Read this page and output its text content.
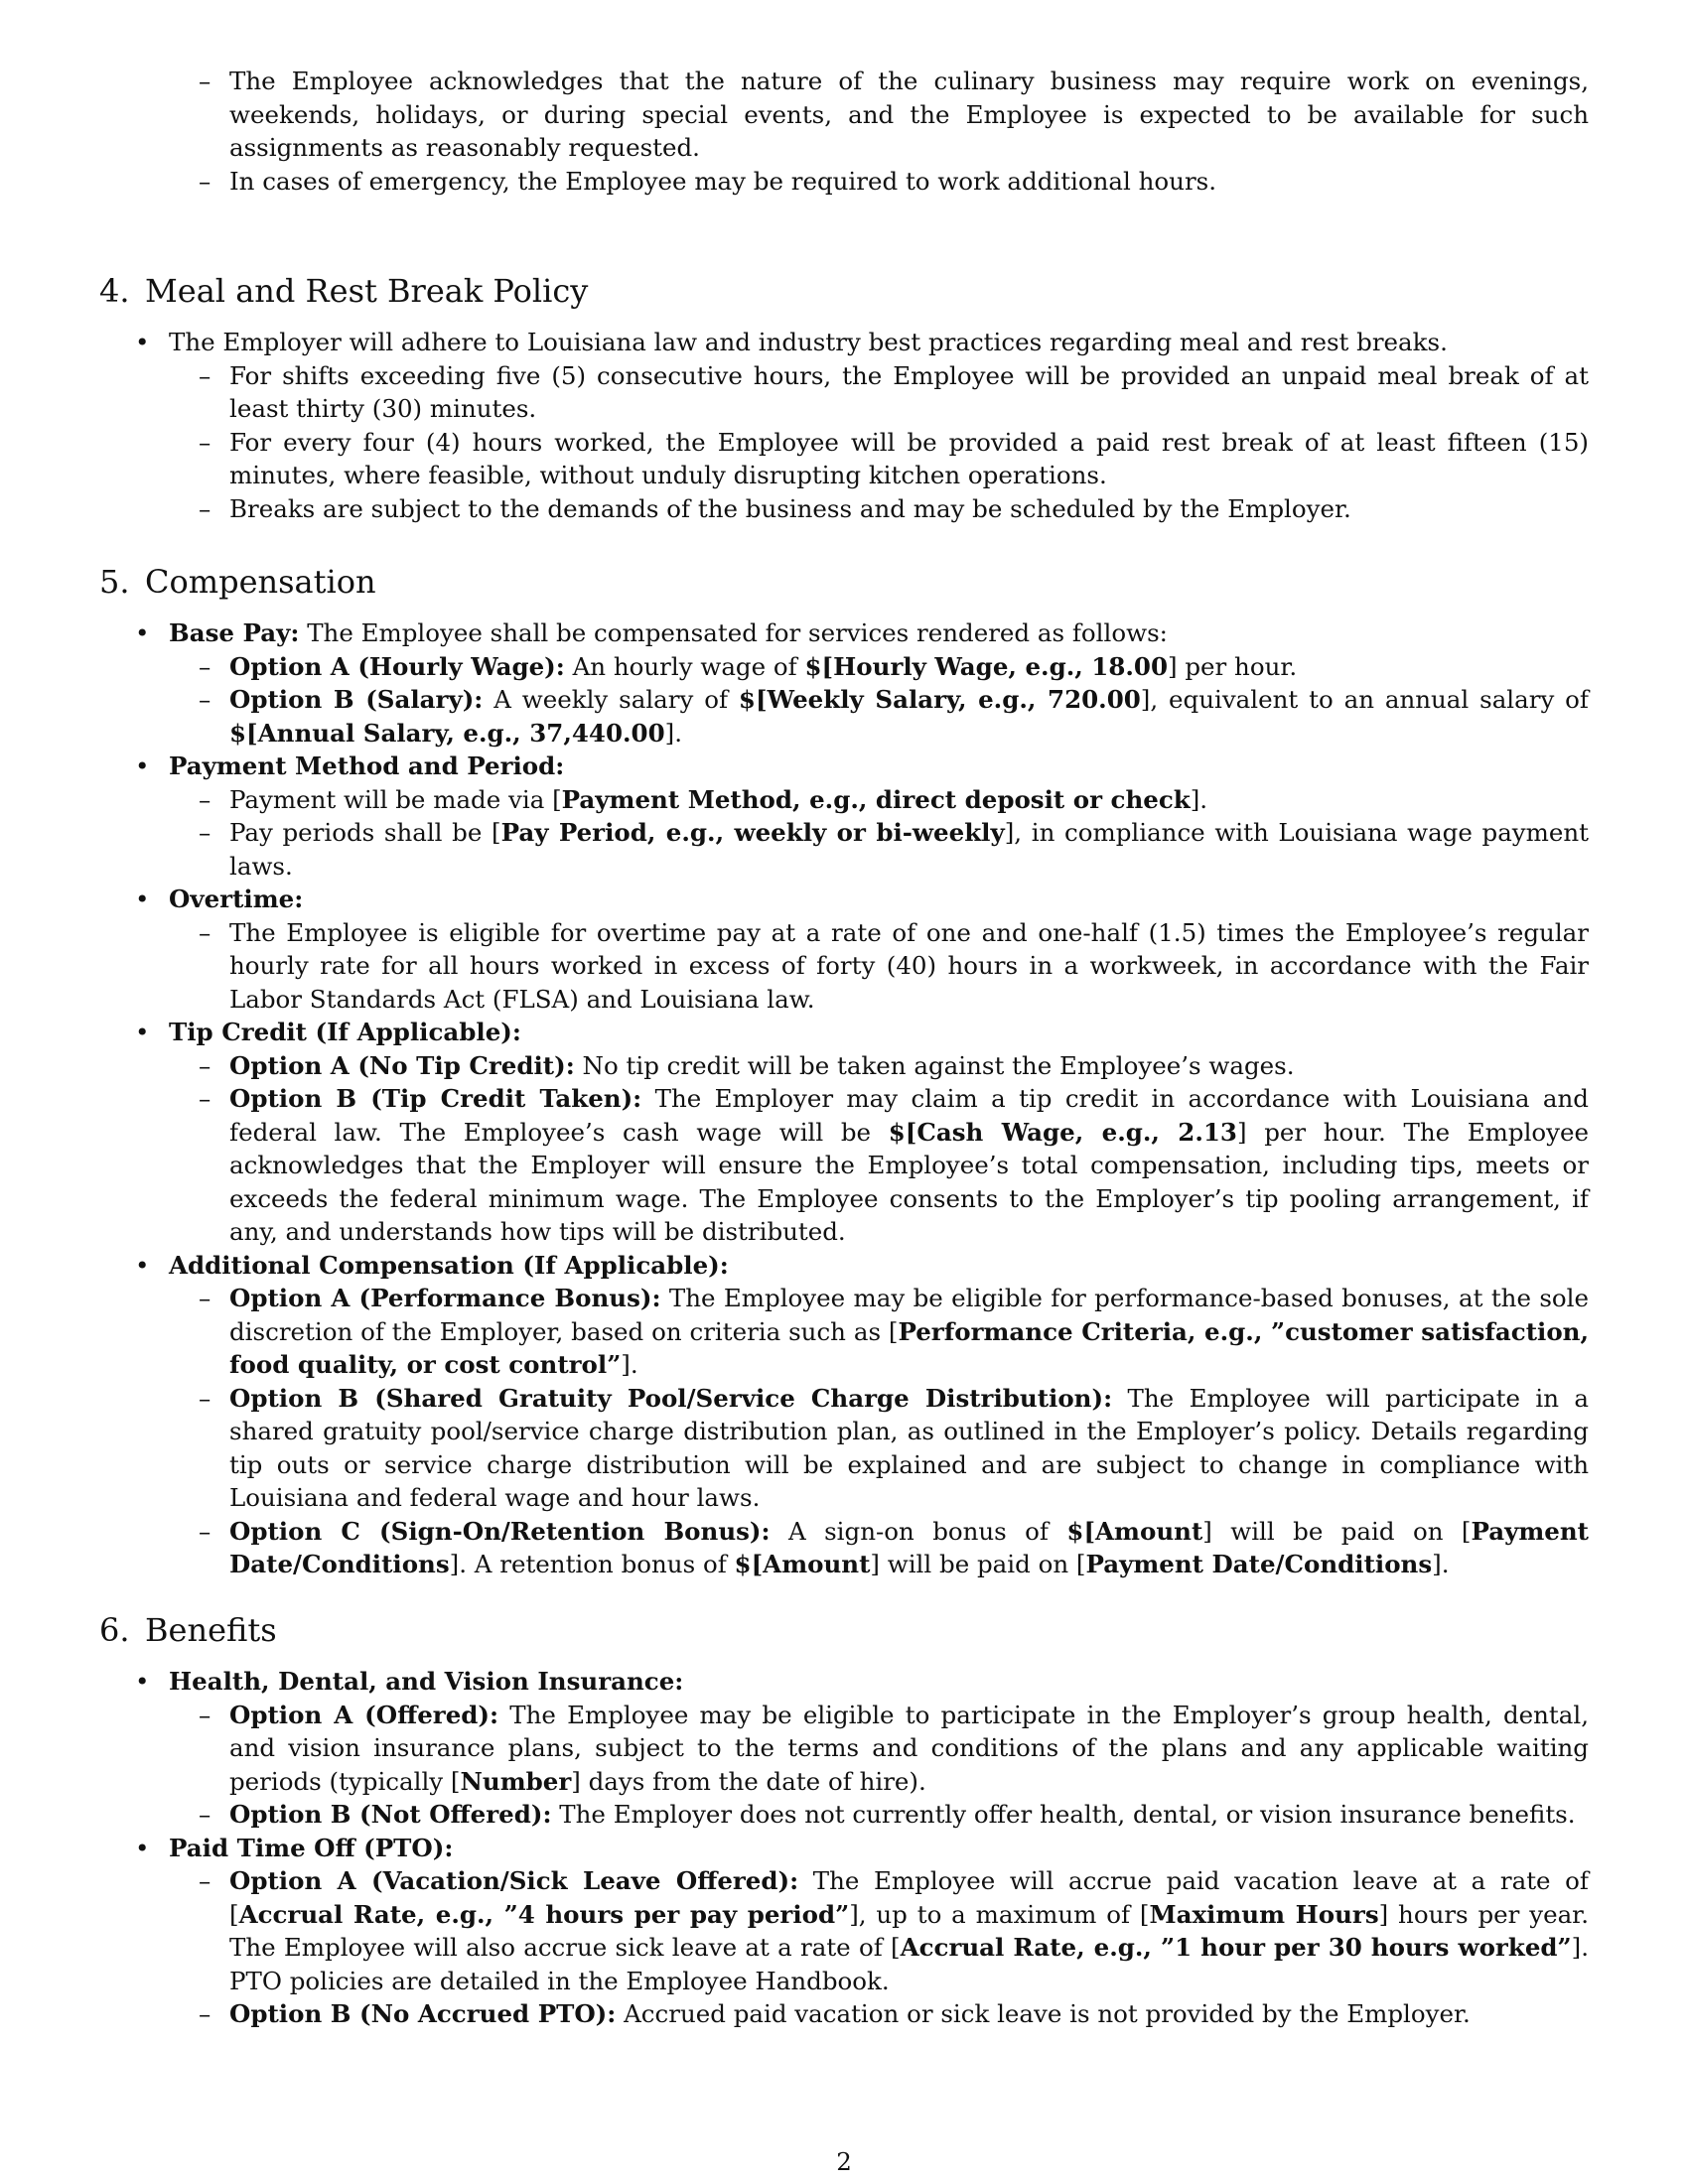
– The Employee acknowledges that the nature of the culinary business may require work on evenings, weekends, holidays, or during special events, and the Employee is expected to be available for such assignments as reasonably requested.

– In cases of emergency, the Employee may be required to work additional hours.

4. Meal and Rest Break Policy

• The Employer will adhere to Louisiana law and industry best practices regarding meal and rest breaks.

– For shifts exceeding five (5) consecutive hours, the Employee will be provided an unpaid meal break of at least thirty (30) minutes.

– For every four (4) hours worked, the Employee will be provided a paid rest break of at least fifteen (15) minutes, where feasible, without unduly disrupting kitchen operations.

– Breaks are subject to the demands of the business and may be scheduled by the Employer.

5. Compensation

• Base Pay: The Employee shall be compensated for services rendered as follows:

– Option A (Hourly Wage): An hourly wage of $[Hourly Wage, e.g., 18.00] per hour.

– Option B (Salary): A weekly salary of $[Weekly Salary, e.g., 720.00], equivalent to an annual salary of $[Annual Salary, e.g., 37,440.00].

• Payment Method and Period:

– Payment will be made via [Payment Method, e.g., direct deposit or check].

– Pay periods shall be [Pay Period, e.g., weekly or bi-weekly], in compliance with Louisiana wage payment laws.

• Overtime:

– The Employee is eligible for overtime pay at a rate of one and one-half (1.5) times the Employee’s regular hourly rate for all hours worked in excess of forty (40) hours in a workweek, in accordance with the Fair Labor Standards Act (FLSA) and Louisiana law.

• Tip Credit (If Applicable):

– Option A (No Tip Credit): No tip credit will be taken against the Employee’s wages.

– Option B (Tip Credit Taken): The Employer may claim a tip credit in accordance with Louisiana and federal law. The Employee’s cash wage will be $[Cash Wage, e.g., 2.13] per hour. The Employee acknowledges that the Employer will ensure the Employee’s total compensation, including tips, meets or exceeds the federal minimum wage. The Employee consents to the Employer’s tip pooling arrangement, if any, and understands how tips will be distributed.

• Additional Compensation (If Applicable):

– Option A (Performance Bonus): The Employee may be eligible for performance-based bonuses, at the sole discretion of the Employer, based on criteria such as [Performance Criteria, e.g., ”customer satisfaction, food quality, or cost control”].

– Option B (Shared Gratuity Pool/Service Charge Distribution): The Employee will participate in a shared gratuity pool/service charge distribution plan, as outlined in the Employer’s policy. Details regarding tip outs or service charge distribution will be explained and are subject to change in compliance with Louisiana and federal wage and hour laws.

– Option C (Sign-On/Retention Bonus): A sign-on bonus of $[Amount] will be paid on [Payment Date/Conditions]. A retention bonus of $[Amount] will be paid on [Payment Date/Conditions].

6. Benefits

• Health, Dental, and Vision Insurance:

– Option A (Offered): The Employee may be eligible to participate in the Employer’s group health, dental, and vision insurance plans, subject to the terms and conditions of the plans and any applicable waiting periods (typically [Number] days from the date of hire).

– Option B (Not Offered): The Employer does not currently offer health, dental, or vision insurance benefits.

• Paid Time Off (PTO):

– Option A (Vacation/Sick Leave Offered): The Employee will accrue paid vacation leave at a rate of [Accrual Rate, e.g., ”4 hours per pay period”], up to a maximum of [Maximum Hours] hours per year. The Employee will also accrue sick leave at a rate of [Accrual Rate, e.g., ”1 hour per 30 hours worked”]. PTO policies are detailed in the Employee Handbook.

– Option B (No Accrued PTO): Accrued paid vacation or sick leave is not provided by the Employer.

2
